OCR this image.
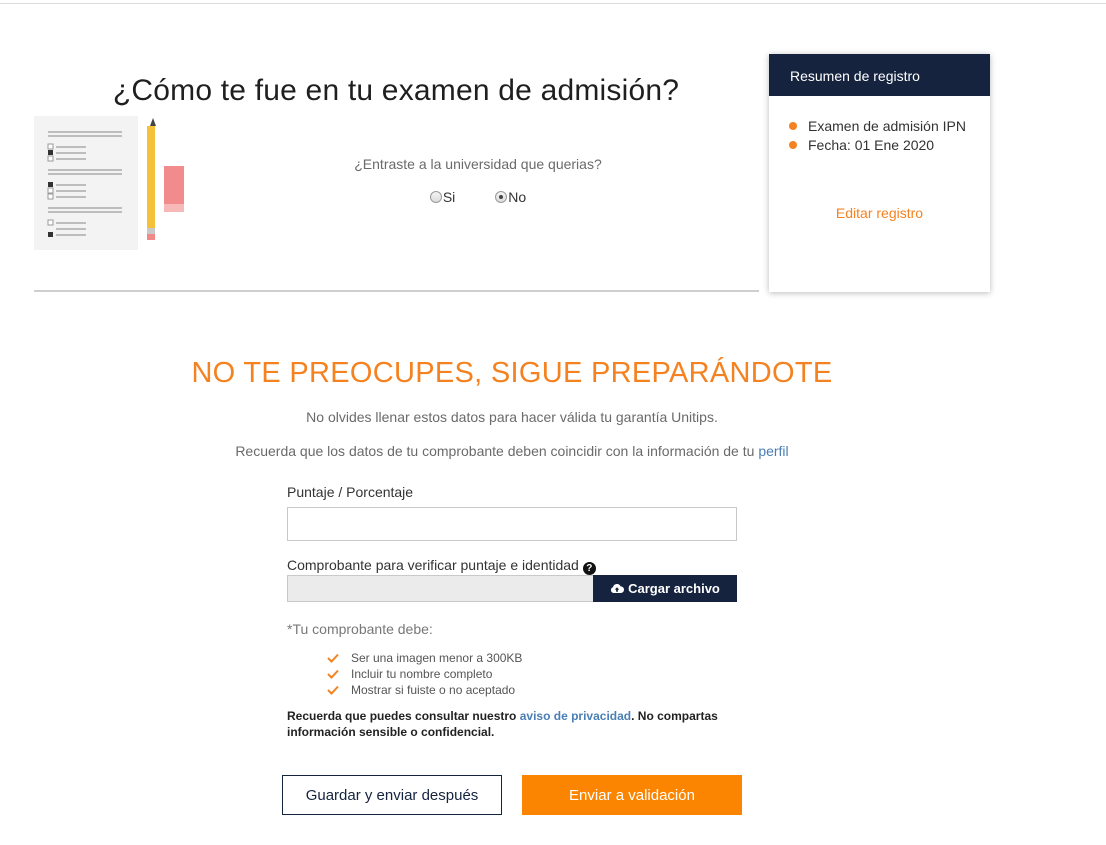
¿Cómo te fue en tu examen de admisión?
¿Entraste a la universidad que querias?
Si	No
Resumen de registro
Examen de admisión IPN
Fecha: 01 Ene 2020
Editar registro
NO TE PREOCUPES, SIGUE PREPARÁNDOTE

No olvides llenar estos datos para hacer válida tu garantía Unitips.

Recuerda que los datos de tu comprobante deben coincidir con la información de tu perfil

Puntaje / Porcentaje
Comprobante para verificar puntaje e identidad ?
Cargar archivo
*Tu comprobante debe:
Ser una imagen menor a 300KB
Incluir tu nombre completo
Mostrar si fuiste o no aceptado

Recuerda que puedes consultar nuestro aviso de privacidad. No compartas información sensible o confidencial.

Guardar y enviar después	Enviar a validación
